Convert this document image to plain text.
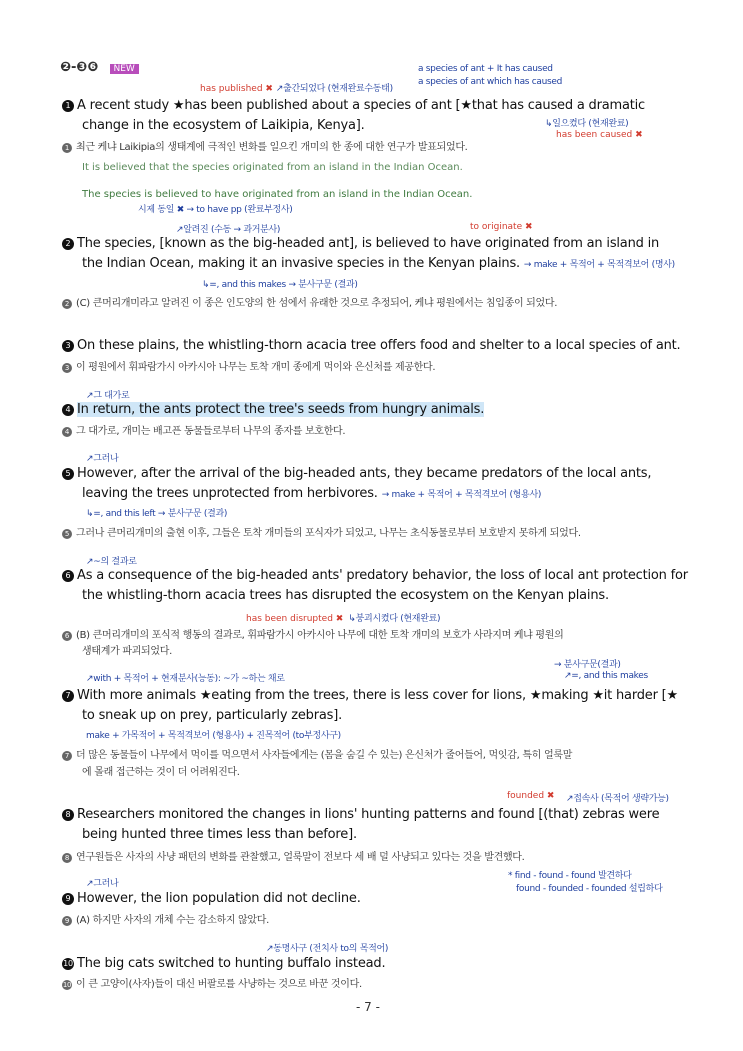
❷-❸❻ NEW	a species of ant + It has caused
a species of ant which has caused
has published ✖ ↗출간되었다 (현재완료수동태)
1 A recent study ★has been published about a species of ant [★that has caused a dramatic
change in the ecosystem of Laikipia, Kenya].	↳일으켰다 (현재완료)
has been caused ✖
1 최근 케냐 Laikipia의 생태계에 극적인 변화를 일으킨 개미의 한 종에 대한 연구가 발표되었다.
It is believed that the species originated from an island in the Indian Ocean.
The species is believed to have originated from an island in the Indian Ocean.
시제 동일 ✖ → to have pp (완료부정사)
↗알려진 (수동 → 과거분사)	to originate ✖
2 The species, [known as the big-headed ant], is believed to have originated from an island in
the Indian Ocean, making it an invasive species in the Kenyan plains. → make + 목적어 + 목적격보어 (명사)
↳=, and this makes → 분사구문 (결과)
2 (C) 큰머리개미라고 알려진 이 종은 인도양의 한 섬에서 유래한 것으로 추정되어, 케냐 평원에서는 침입종이 되었다.
3 On these plains, the whistling-thorn acacia tree offers food and shelter to a local species of ant.
3 이 평원에서 휘파람가시 아카시아 나무는 토착 개미 종에게 먹이와 은신처를 제공한다.
↗그 대가로
4 In return, the ants protect the tree's seeds from hungry animals.
4 그 대가로, 개미는 배고픈 동물들로부터 나무의 종자를 보호한다.
↗그러나
5 However, after the arrival of the big-headed ants, they became predators of the local ants,
leaving the trees unprotected from herbivores. → make + 목적어 + 목적격보어 (형용사)
↳=, and this left → 분사구문 (결과)
5 그러나 큰머리개미의 출현 이후, 그들은 토착 개미들의 포식자가 되었고, 나무는 초식동물로부터 보호받지 못하게 되었다.
↗~의 결과로
6 As a consequence of the big-headed ants' predatory behavior, the loss of local ant protection for
the whistling-thorn acacia trees has disrupted the ecosystem on the Kenyan plains.
has been disrupted ✖ ↳붕괴시켰다 (현재완료)
6 (B) 큰머리개미의 포식적 행동의 결과로, 휘파람가시 아카시아 나무에 대한 토착 개미의 보호가 사라지며 케냐 평원의
생태계가 파괴되었다.
→ 분사구문(결과)
↗=, and this makes
↗with + 목적어 + 현재분사(능동): ~가 ~하는 채로
7 With more animals ★eating from the trees, there is less cover for lions, ★making ★it harder [★
to sneak up on prey, particularly zebras].
make + 가목적어 + 목적격보어 (형용사) + 진목적어 (to부정사구)
7 더 많은 동물들이 나무에서 먹이를 먹으면서 사자들에게는 (몸을 숨길 수 있는) 은신처가 줄어들어, 먹잇감, 특히 얼룩말
에 몰래 접근하는 것이 더 어려워진다.
founded ✖ ↗접속사 (목적어 생략가능)
8 Researchers monitored the changes in lions' hunting patterns and found [(that) zebras were
being hunted three times less than before].
8 연구원들은 사자의 사냥 패턴의 변화를 관찰했고, 얼룩말이 전보다 세 배 덜 사냥되고 있다는 것을 발견했다.
* find - found - found 발견하다
found - founded - founded 설립하다
↗그러나
9 However, the lion population did not decline.
9 (A) 하지만 사자의 개체 수는 감소하지 않았다.
↗동명사구 (전치사 to의 목적어)
10 The big cats switched to hunting buffalo instead.
10 이 큰 고양이(사자)들이 대신 버팔로를 사냥하는 것으로 바꾼 것이다.
- 7 -
